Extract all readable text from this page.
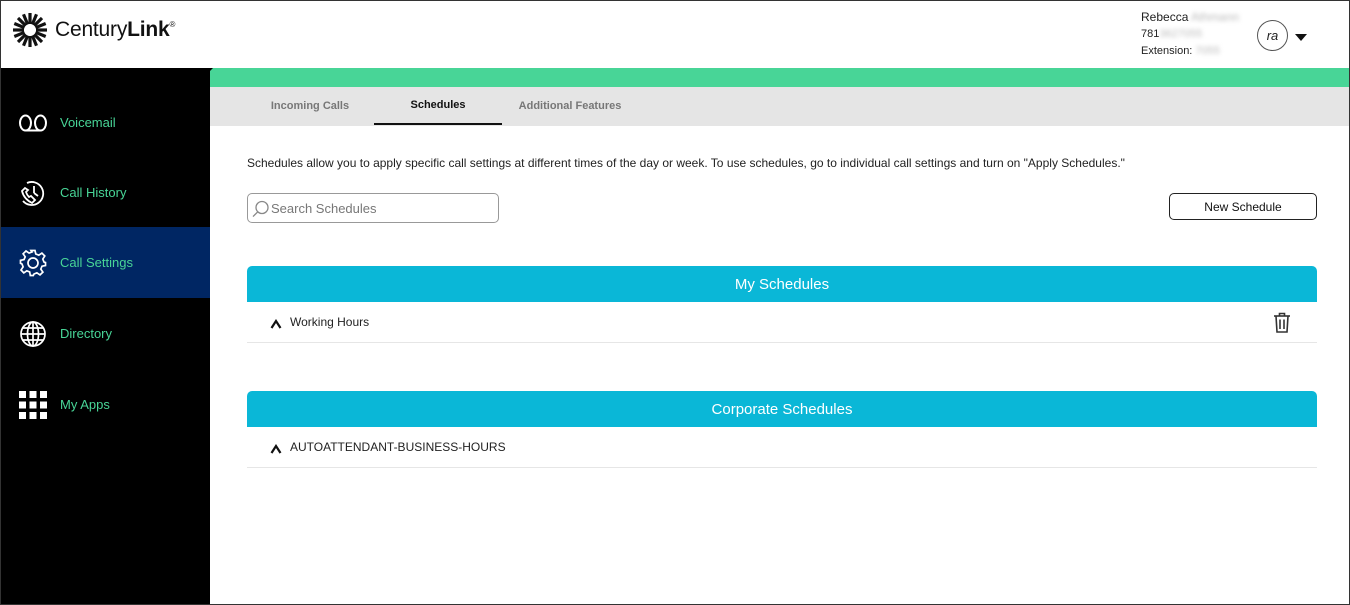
CenturyLink®
Rebecca Athmann
7813627055
Extension: 7055
ra
Voicemail
Call History
Call Settings
Directory
My Apps
Incoming Calls	Schedules	Additional Features
Schedules allow you to apply specific call settings at different times of the day or week. To use schedules, go to individual call settings and turn on "Apply Schedules."
Search Schedules
New Schedule
My Schedules
Working Hours
Corporate Schedules
AUTOATTENDANT-BUSINESS-HOURS
